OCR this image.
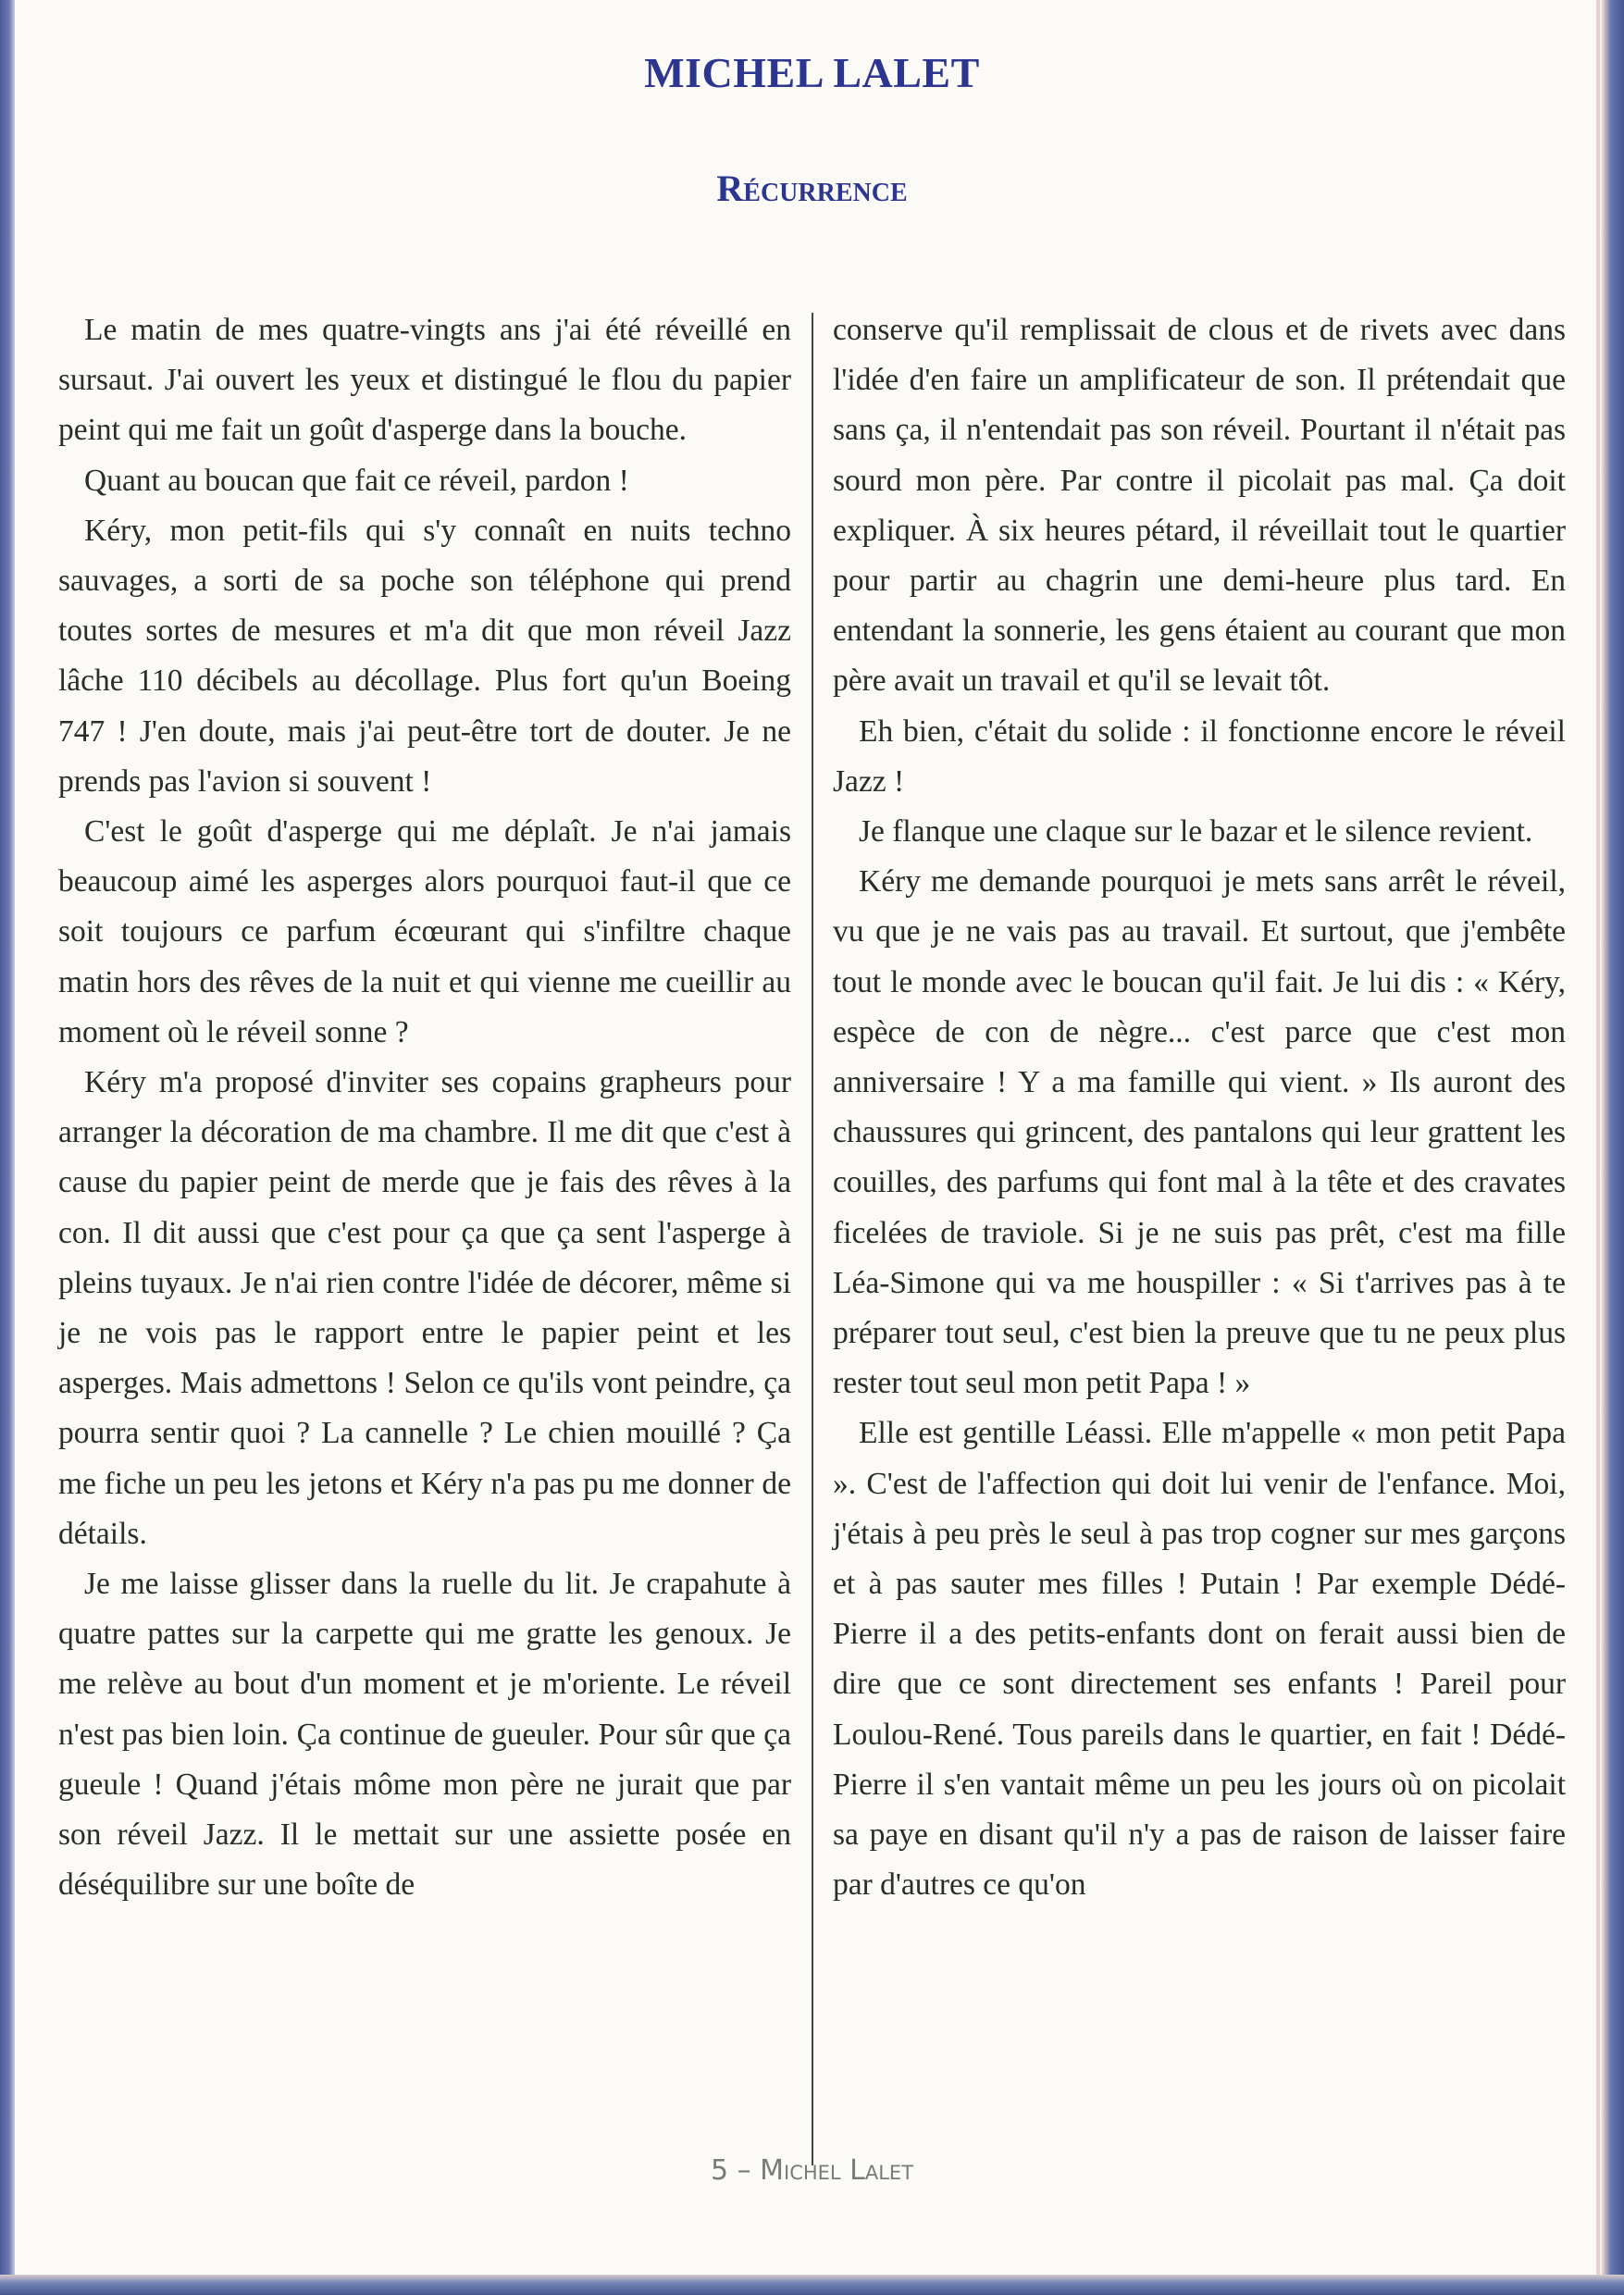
MICHEL LALET
Récurrence

Le matin de mes quatre-vingts ans j'ai été réveillé en sursaut. J'ai ouvert les yeux et distingué le flou du papier peint qui me fait un goût d'asperge dans la bouche.

Quant au boucan que fait ce réveil, pardon !

Kéry, mon petit-fils qui s'y connaît en nuits techno sauvages, a sorti de sa poche son téléphone qui prend toutes sortes de mesures et m'a dit que mon réveil Jazz lâche 110 décibels au décollage. Plus fort qu'un Boeing 747 ! J'en doute, mais j'ai peut-être tort de douter. Je ne prends pas l'avion si souvent !

C'est le goût d'asperge qui me déplaît. Je n'ai jamais beaucoup aimé les asperges alors pourquoi faut-il que ce soit toujours ce parfum écœurant qui s'infiltre chaque matin hors des rêves de la nuit et qui vienne me cueillir au moment où le réveil sonne ?

Kéry m'a proposé d'inviter ses copains grapheurs pour arranger la décoration de ma chambre. Il me dit que c'est à cause du papier peint de merde que je fais des rêves à la con. Il dit aussi que c'est pour ça que ça sent l'asperge à pleins tuyaux. Je n'ai rien contre l'idée de décorer, même si je ne vois pas le rapport entre le papier peint et les asperges. Mais admettons ! Selon ce qu'ils vont peindre, ça pourra sentir quoi ? La cannelle ? Le chien mouillé ? Ça me fiche un peu les jetons et Kéry n'a pas pu me donner de détails.

Je me laisse glisser dans la ruelle du lit. Je crapahute à quatre pattes sur la carpette qui me gratte les genoux. Je me relève au bout d'un moment et je m'oriente. Le réveil n'est pas bien loin. Ça continue de gueuler. Pour sûr que ça gueule ! Quand j'étais môme mon père ne jurait que par son réveil Jazz. Il le mettait sur une assiette posée en déséquilibre sur une boîte de

conserve qu'il remplissait de clous et de rivets avec dans l'idée d'en faire un amplificateur de son. Il prétendait que sans ça, il n'entendait pas son réveil. Pourtant il n'était pas sourd mon père. Par contre il picolait pas mal. Ça doit expliquer. À six heures pétard, il réveillait tout le quartier pour partir au chagrin une demi-heure plus tard. En entendant la sonnerie, les gens étaient au courant que mon père avait un travail et qu'il se levait tôt.

Eh bien, c'était du solide : il fonctionne encore le réveil Jazz !

Je flanque une claque sur le bazar et le silence revient.

Kéry me demande pourquoi je mets sans arrêt le réveil, vu que je ne vais pas au travail. Et surtout, que j'embête tout le monde avec le boucan qu'il fait. Je lui dis : « Kéry, espèce de con de nègre... c'est parce que c'est mon anniversaire ! Y a ma famille qui vient. » Ils auront des chaussures qui grincent, des pantalons qui leur grattent les couilles, des parfums qui font mal à la tête et des cravates ficelées de traviole. Si je ne suis pas prêt, c'est ma fille Léa-Simone qui va me houspiller : « Si t'arrives pas à te préparer tout seul, c'est bien la preuve que tu ne peux plus rester tout seul mon petit Papa ! »

Elle est gentille Léassi. Elle m'appelle « mon petit Papa ». C'est de l'affection qui doit lui venir de l'enfance. Moi, j'étais à peu près le seul à pas trop cogner sur mes garçons et à pas sauter mes filles ! Putain ! Par exemple Dédé-Pierre il a des petits-enfants dont on ferait aussi bien de dire que ce sont directement ses enfants ! Pareil pour Loulou-René. Tous pareils dans le quartier, en fait ! Dédé-Pierre il s'en vantait même un peu les jours où on picolait sa paye en disant qu'il n'y a pas de raison de laisser faire par d'autres ce qu'on

5 – Michel Lalet
